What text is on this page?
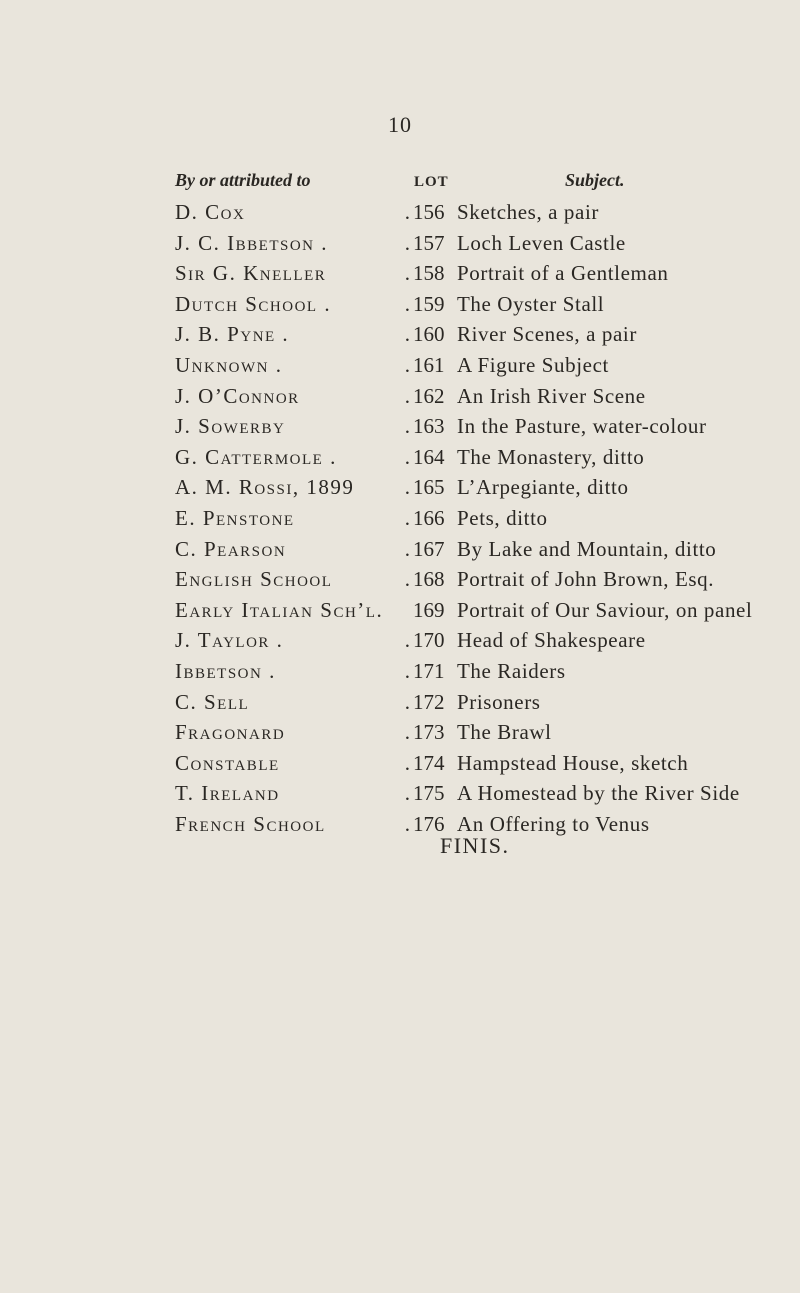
10
By or attributed to	LOT	Subject.
D. Cox	. 156 Sketches, a pair
J. C. Ibbetson .	. 157 Loch Leven Castle
Sir G. Kneller	. 158 Portrait of a Gentleman
Dutch School .	. 159 The Oyster Stall
J. B. Pyne .	. 160 River Scenes, a pair
Unknown .	. 161 A Figure Subject
J. O’Connor	. 162 An Irish River Scene
J. Sowerby	. 163 In the Pasture, water-colour
G. Cattermole .	. 164 The Monastery, ditto
A. M. Rossi, 1899	. 165 L’Arpegiante, ditto
E. Penstone	. 166 Pets, ditto
C. Pearson	. 167 By Lake and Mountain, ditto
English School	. 168 Portrait of John Brown, Esq.
Early Italian Sch’l. 169 Portrait of Our Saviour, on panel
J. Taylor .	. 170 Head of Shakespeare
Ibbetson .	. 171 The Raiders
C. Sell	. 172 Prisoners
Fragonard	. 173 The Brawl
Constable	. 174 Hampstead House, sketch
T. Ireland	. 175 A Homestead by the River Side
French School	. 176 An Offering to Venus
FINIS.
